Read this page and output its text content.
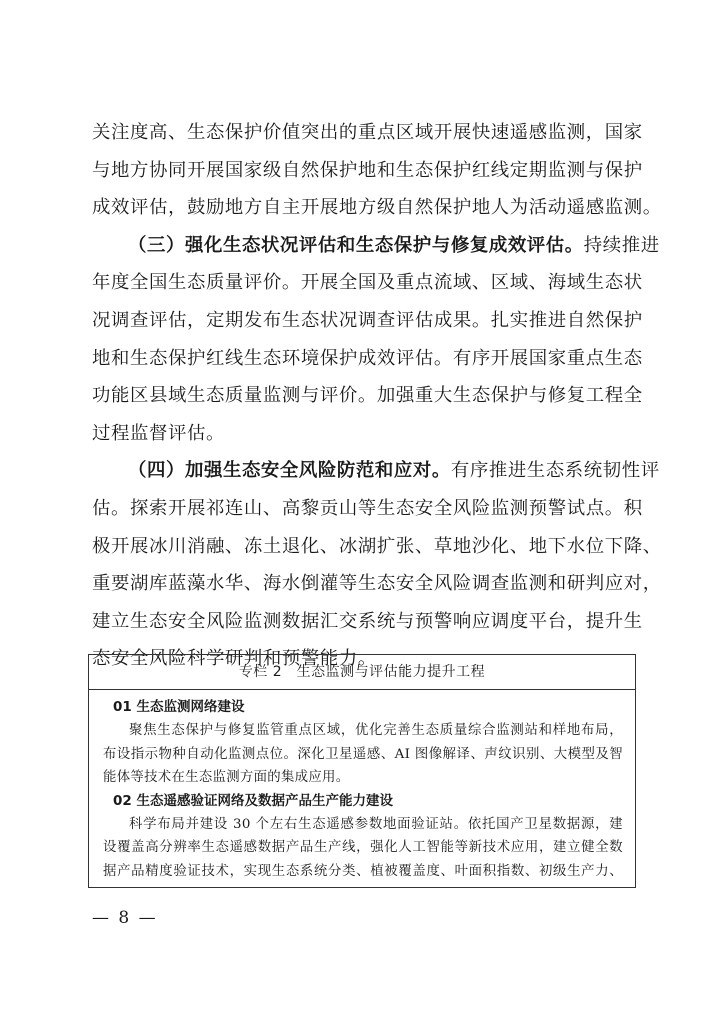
关注度高、生态保护价值突出的重点区域开展快速遥感监测，国家
与地方协同开展国家级自然保护地和生态保护红线定期监测与保护
成效评估，鼓励地方自主开展地方级自然保护地人为活动遥感监测。
（三）强化生态状况评估和生态保护与修复成效评估。持续推进
年度全国生态质量评价。开展全国及重点流域、区域、海域生态状
况调查评估，定期发布生态状况调查评估成果。扎实推进自然保护
地和生态保护红线生态环境保护成效评估。有序开展国家重点生态
功能区县域生态质量监测与评价。加强重大生态保护与修复工程全
过程监督评估。
（四）加强生态安全风险防范和应对。有序推进生态系统韧性评
估。探索开展祁连山、高黎贡山等生态安全风险监测预警试点。积
极开展冰川消融、冻土退化、冰湖扩张、草地沙化、地下水位下降、
重要湖库蓝藻水华、海水倒灌等生态安全风险调查监测和研判应对，
建立生态安全风险监测数据汇交系统与预警响应调度平台，提升生
态安全风险科学研判和预警能力。
专栏 2　生态监测与评估能力提升工程
01 生态监测网络建设
聚焦生态保护与修复监管重点区域，优化完善生态质量综合监测站和样地布局，
布设指示物种自动化监测点位。深化卫星遥感、AI 图像解译、声纹识别、大模型及智
能体等技术在生态监测方面的集成应用。
02 生态遥感验证网络及数据产品生产能力建设
科学布局并建设 30 个左右生态遥感参数地面验证站。依托国产卫星数据源，建
设覆盖高分辨率生态遥感数据产品生产线，强化人工智能等新技术应用，建立健全数
据产品精度验证技术，实现生态系统分类、植被覆盖度、叶面积指数、初级生产力、
— 8 —
